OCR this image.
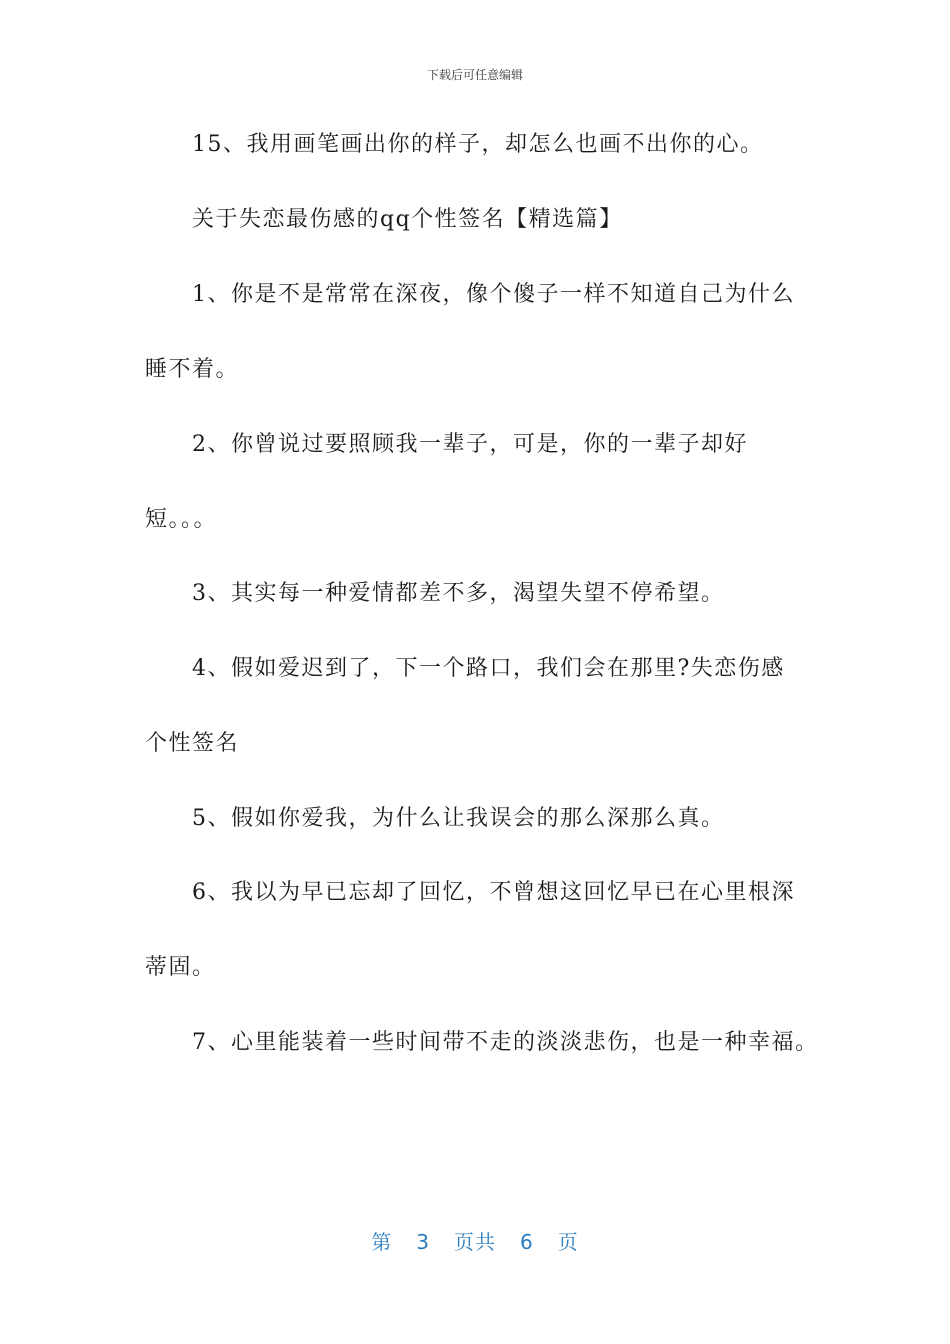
下载后可任意编辑
15、我用画笔画出你的样子，却怎么也画不出你的心。
关于失恋最伤感的qq个性签名【精选篇】
1、你是不是常常在深夜，像个傻子一样不知道自己为什么
睡不着。
2、你曾说过要照顾我一辈子，可是，你的一辈子却好
短。。。
3、其实每一种爱情都差不多，渴望失望不停希望。
4、假如爱迟到了，下一个路口，我们会在那里?失恋伤感
个性签名
5、假如你爱我，为什么让我误会的那么深那么真。
6、我以为早已忘却了回忆，不曾想这回忆早已在心里根深
蒂固。
7、心里能装着一些时间带不走的淡淡悲伤，也是一种幸福。
第 3 页共 6 页
